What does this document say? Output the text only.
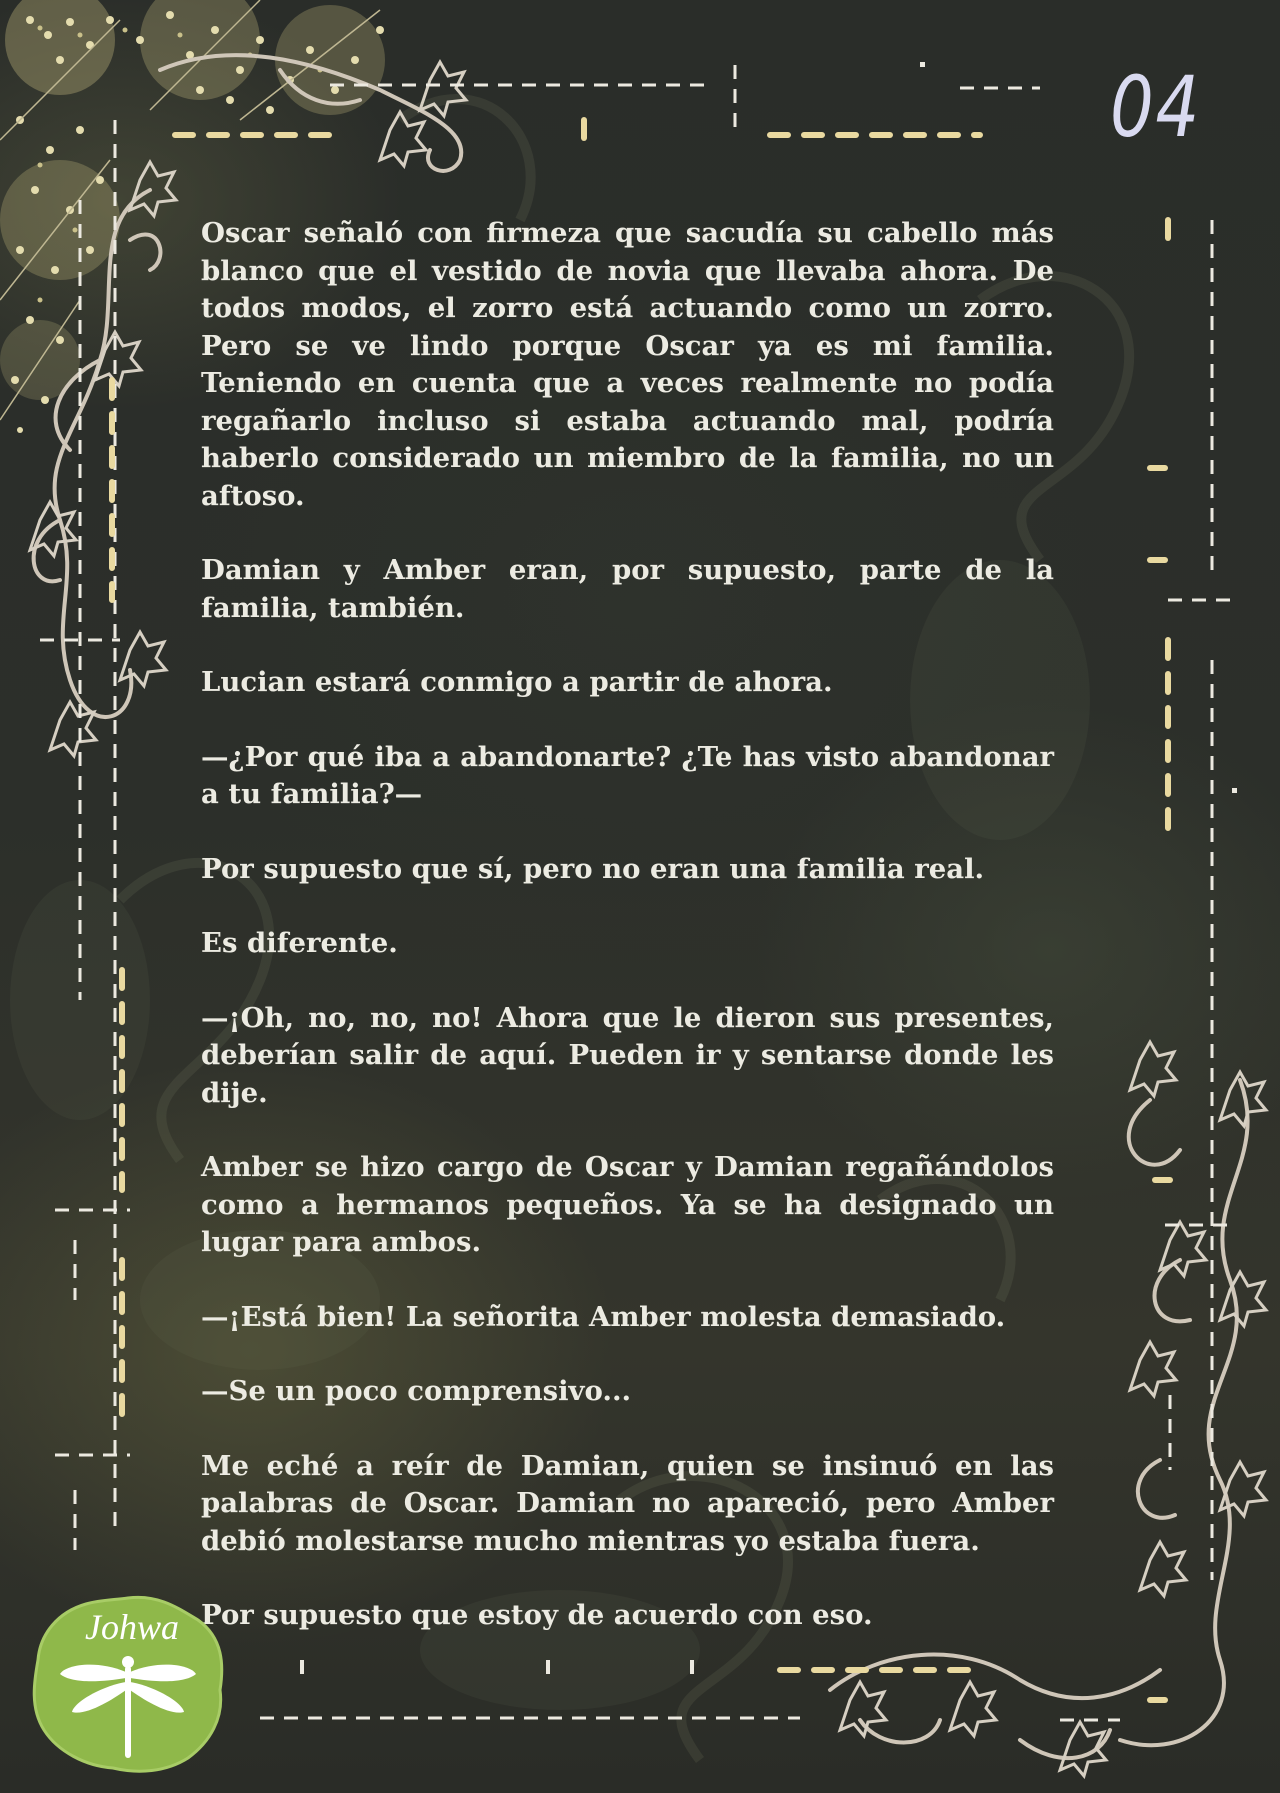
04

Oscar señaló con firmeza que sacudía su cabello más blanco que el vestido de novia que llevaba ahora. De todos modos, el zorro está actuando como un zorro. Pero se ve lindo porque Oscar ya es mi familia. Teniendo en cuenta que a veces realmente no podía regañarlo incluso si estaba actuando mal, podría haberlo considerado un miembro de la familia, no un aftoso.

Damian y Amber eran, por supuesto, parte de la familia, también.

Lucian estará conmigo a partir de ahora.

—¿Por qué iba a abandonarte? ¿Te has visto abandonar a tu familia?—

Por supuesto que sí, pero no eran una familia real.

Es diferente.

—¡Oh, no, no, no! Ahora que le dieron sus presentes, deberían salir de aquí. Pueden ir y sentarse donde les dije.

Amber se hizo cargo de Oscar y Damian regañándolos como a hermanos pequeños. Ya se ha designado un lugar para ambos.

—¡Está bien! La señorita Amber molesta demasiado.

—Se un poco comprensivo...

Me eché a reír de Damian, quien se insinuó en las palabras de Oscar. Damian no apareció, pero Amber debió molestarse mucho mientras yo estaba fuera.

Por supuesto que estoy de acuerdo con eso.

Johwa
